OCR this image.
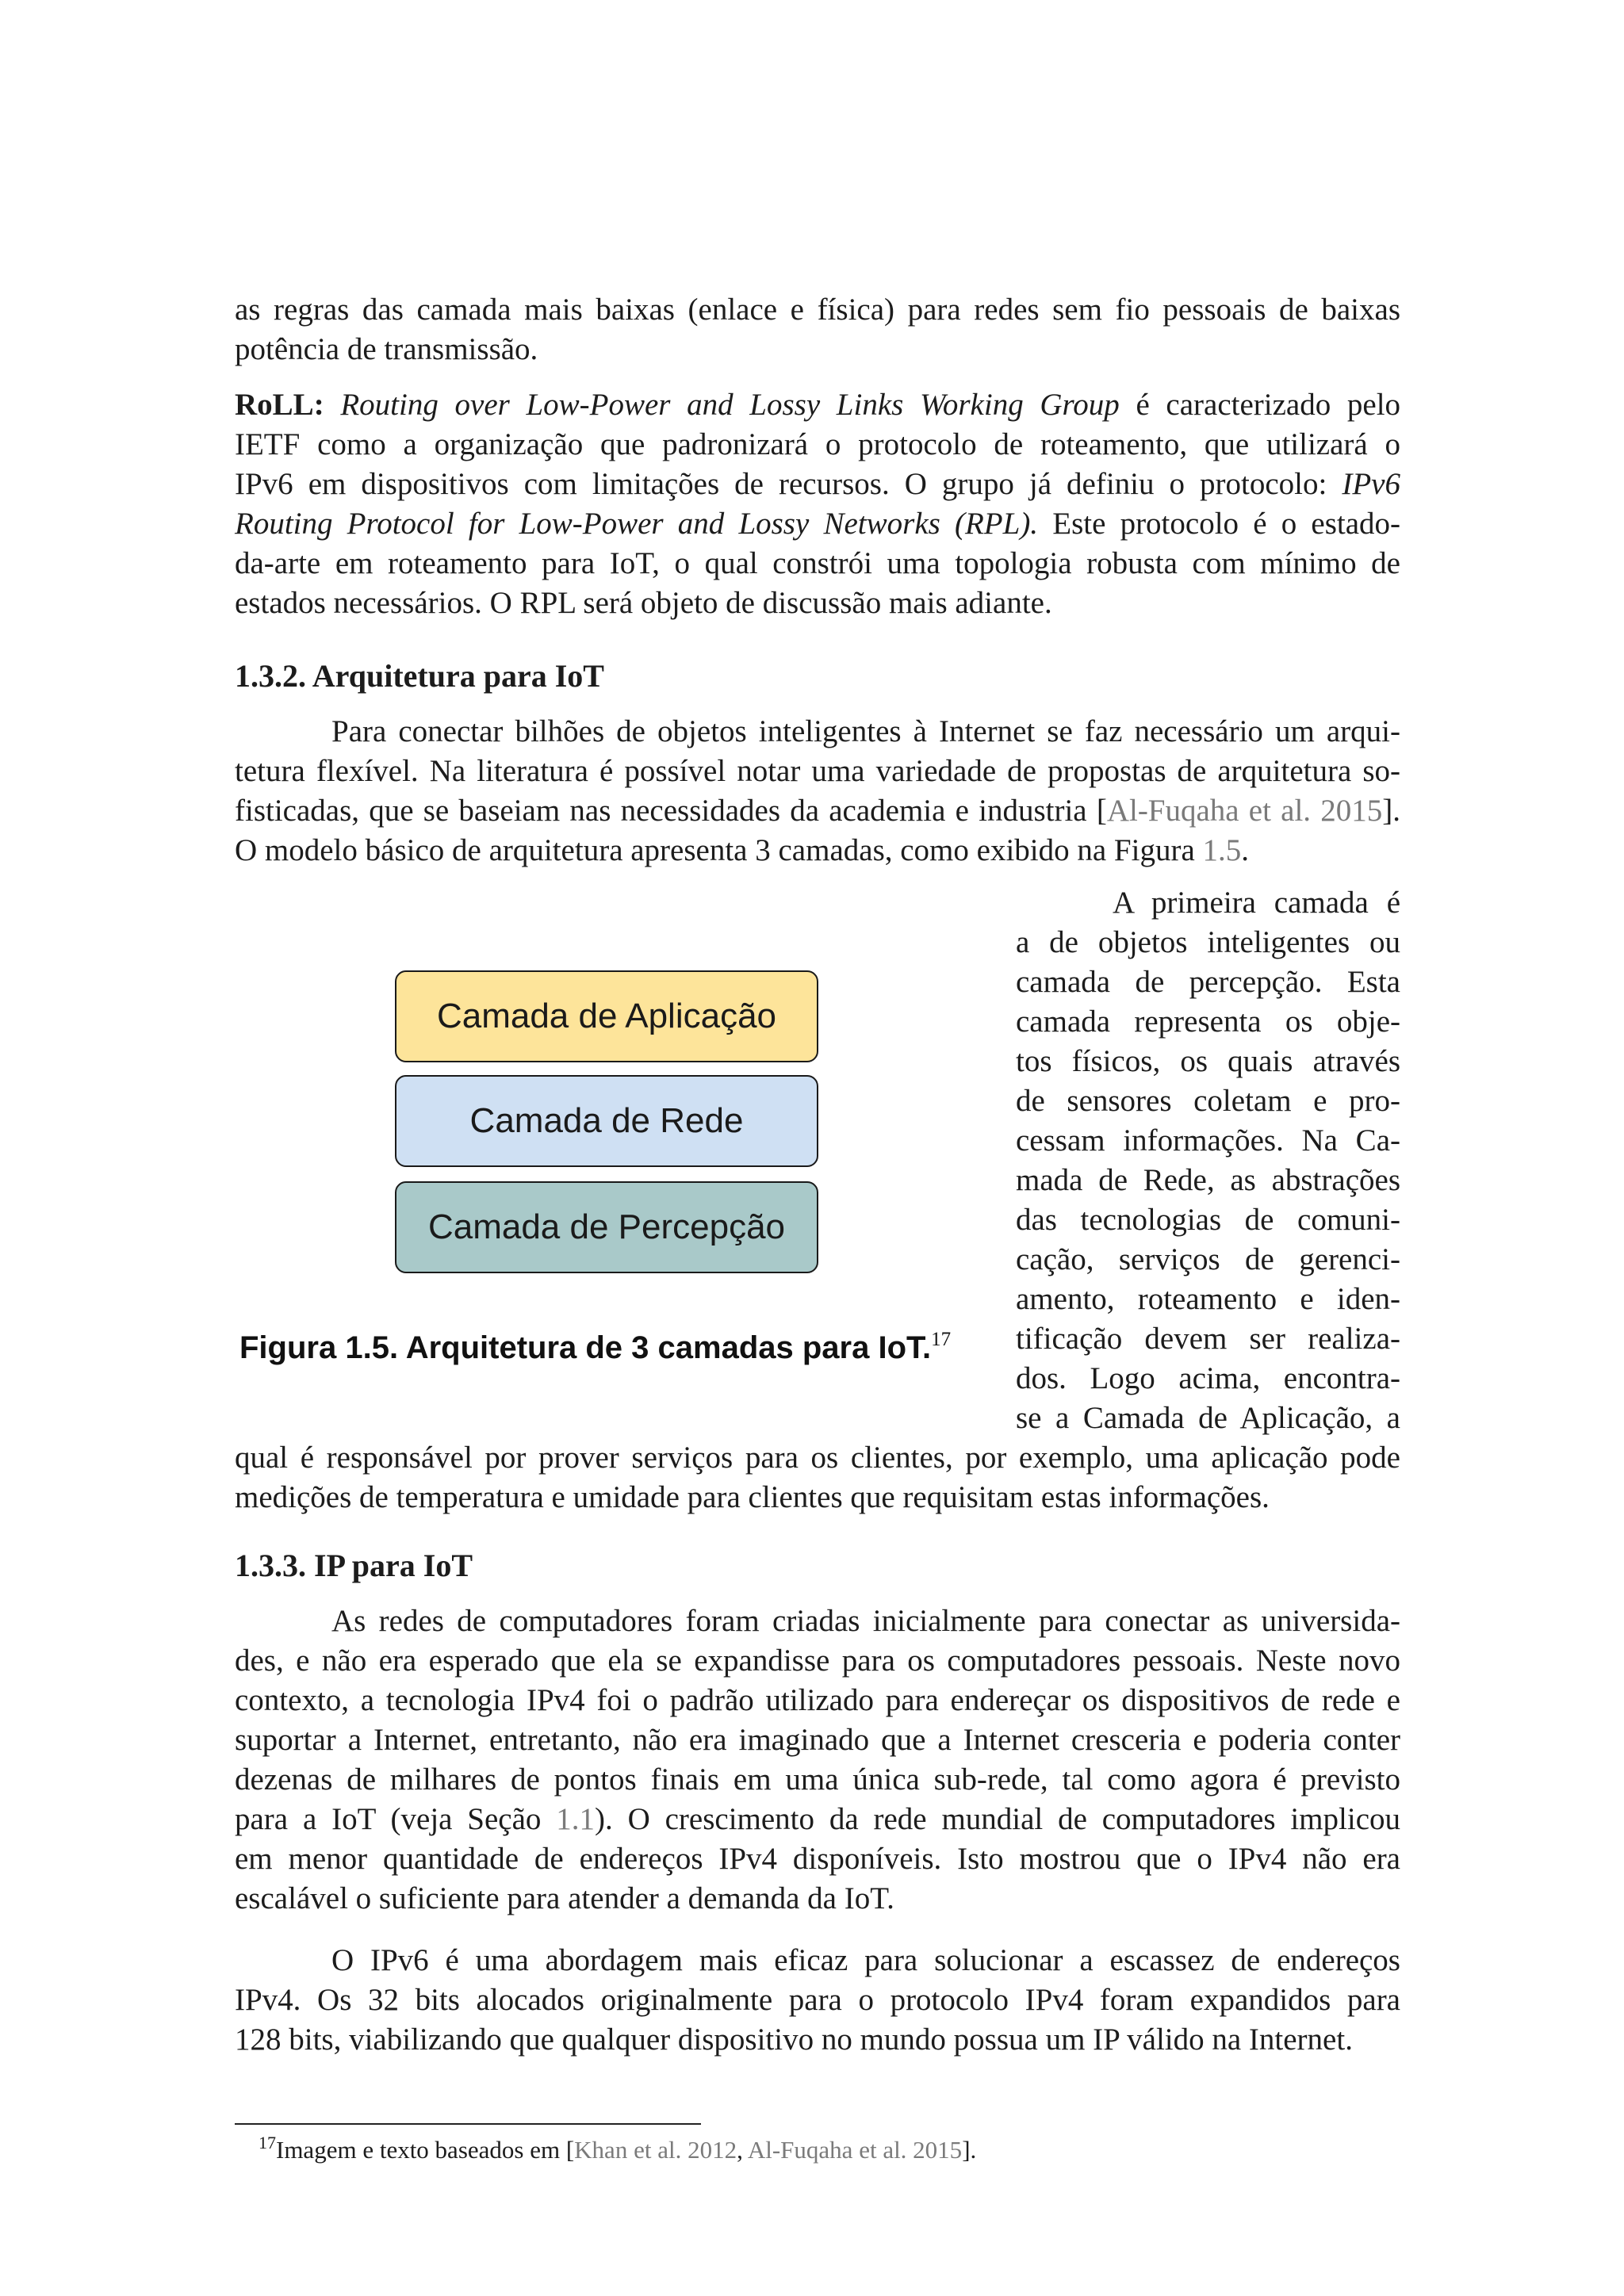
as regras das camada mais baixas (enlace e física) para redes sem fio pessoais de baixas
potência de transmissão.
RoLL: Routing over Low-Power and Lossy Links Working Group é caracterizado pelo
IETF como a organização que padronizará o protocolo de roteamento, que utilizará o
IPv6 em dispositivos com limitações de recursos. O grupo já definiu o protocolo: IPv6
Routing Protocol for Low-Power and Lossy Networks (RPL). Este protocolo é o estado-
da-arte em roteamento para IoT, o qual constrói uma topologia robusta com mínimo de
estados necessários. O RPL será objeto de discussão mais adiante.
1.3.2. Arquitetura para IoT
Para conectar bilhões de objetos inteligentes à Internet se faz necessário um arqui-
tetura flexível. Na literatura é possível notar uma variedade de propostas de arquitetura so-
fisticadas, que se baseiam nas necessidades da academia e industria [Al-Fuqaha et al. 2015].
O modelo básico de arquitetura apresenta 3 camadas, como exibido na Figura 1.5.
Camada de Aplicação
Camada de Rede
Camada de Percepção
Figura 1.5. Arquitetura de 3 camadas para IoT.$^{17}$
A primeira camada é
a de objetos inteligentes ou
camada de percepção. Esta
camada representa os obje-
tos físicos, os quais através
de sensores coletam e pro-
cessam informações. Na Ca-
mada de Rede, as abstrações
das tecnologias de comuni-
cação, serviços de gerenci-
amento, roteamento e iden-
tificação devem ser realiza-
dos. Logo acima, encontra-
se a Camada de Aplicação, a
qual é responsável por prover serviços para os clientes, por exemplo, uma aplicação pode
medições de temperatura e umidade para clientes que requisitam estas informações.
1.3.3. IP para IoT
As redes de computadores foram criadas inicialmente para conectar as universida-
des, e não era esperado que ela se expandisse para os computadores pessoais. Neste novo
contexto, a tecnologia IPv4 foi o padrão utilizado para endereçar os dispositivos de rede e
suportar a Internet, entretanto, não era imaginado que a Internet cresceria e poderia conter
dezenas de milhares de pontos finais em uma única sub-rede, tal como agora é previsto
para a IoT (veja Seção 1.1). O crescimento da rede mundial de computadores implicou
em menor quantidade de endereços IPv4 disponíveis. Isto mostrou que o IPv4 não era
escalável o suficiente para atender a demanda da IoT.
O IPv6 é uma abordagem mais eficaz para solucionar a escassez de endereços
IPv4. Os 32 bits alocados originalmente para o protocolo IPv4 foram expandidos para
128 bits, viabilizando que qualquer dispositivo no mundo possua um IP válido na Internet.
$^{17}$Imagem e texto baseados em [Khan et al. 2012, Al-Fuqaha et al. 2015].
